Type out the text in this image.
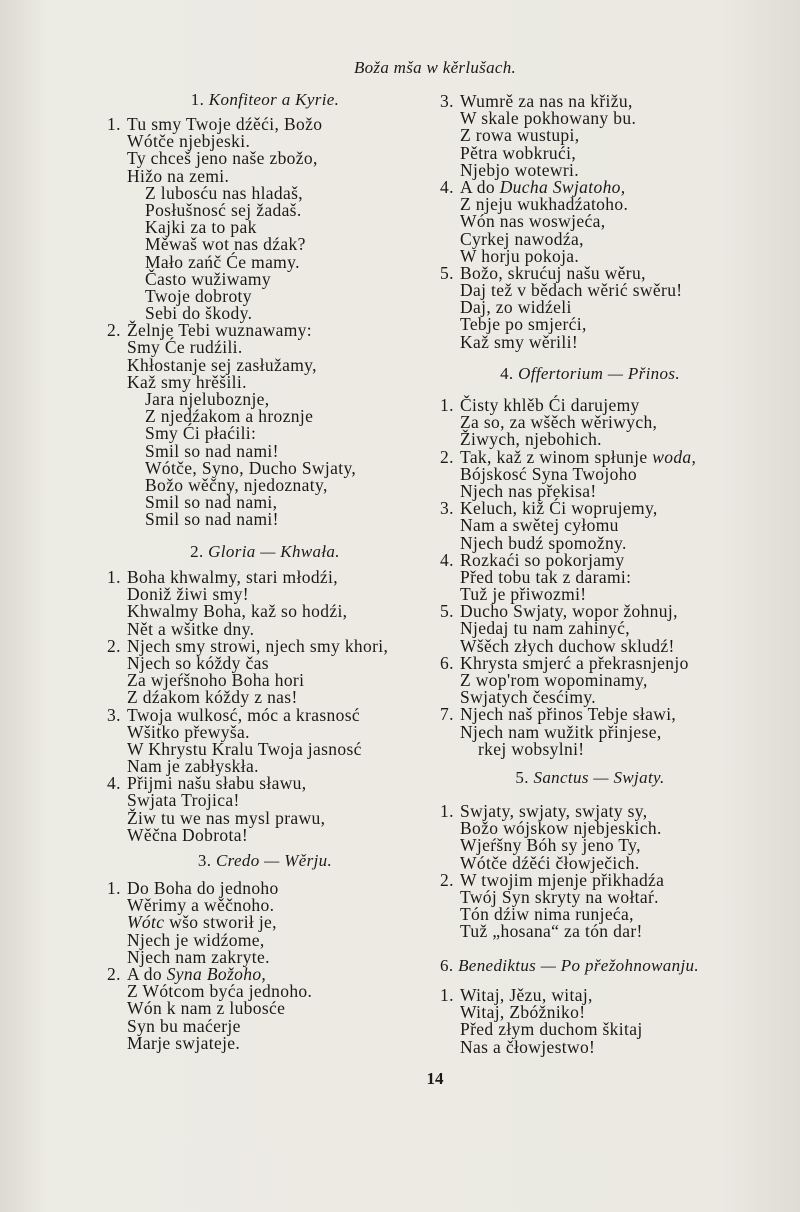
Boža mša w kěrlušach.
1. Konfiteor a Kyrie.
1. Tu smy Twoje dźěći, Božo
Wótče njebjeski.
Ty chceš jeno naše zbožo,
Hižo na zemi.
Z lubosću nas hladaš,
Posłušnosć sej žadaš.
Kajki za to pak
Měwaš wot nas dźak?
Mało zańč Će mamy.
Často wužiwamy
Twoje dobroty
Sebi do škody.
2. Želnje Tebi wuznawamy:
Smy Će rudźili.
Khłostanje sej zasłužamy,
Kaž smy hrěšili.
Jara njeluboznje,
Z njedźakom a hroznje
Smy Ći płaćili:
Smil so nad nami!
Wótče, Syno, Ducho Swjaty,
Božo wěčny, njedoznaty,
Smil so nad nami,
Smil so nad nami!
2. Gloria — Khwała.
1. Boha khwalmy, stari młodźi,
Doniž žiwi smy!
Khwalmy Boha, kaž so hodźi,
Nět a wšitke dny.
2. Njech smy strowi, njech smy khori,
Njech so kóždy čas
Za wjeŕšnoho Boha hori
Z dźakom kóždy z nas!
3. Twoja wulkosć, móc a krasnosć
Wšitko přewyša.
W Khrystu Kralu Twoja jasnosć
Nam je zabłyskła.
4. Přijmi našu słabu sławu,
Swjata Trojica!
Žiw tu we nas mysl prawu,
Wěčna Dobrota!
3. Credo — Wěrju.
1. Do Boha do jednoho
Wěrimy a wěčnoho.
Wótc wšo stworił je,
Njech je widźome,
Njech nam zakryte.
2. A do Syna Božoho,
Z Wótcom byća jednoho.
Wón k nam z lubosće
Syn bu maćerje
Marje swjateje.
3. Wumrě za nas na křižu,
W skale pokhowany bu.
Z rowa wustupi,
Pětra wobkrući,
Njebjo wotewri.
4. A do Ducha Swjatoho,
Z njeju wukhadźatoho.
Wón nas woswjeća,
Cyrkej nawodźa,
W horju pokoja.
5. Božo, skrućuj našu wěru,
Daj tež v bědach wěrić swěru!
Daj, zo widźeli
Tebje po smjerći,
Kaž smy wěrili!
4. Offertorium — Přinos.
1. Čisty khlěb Ći darujemy
Za so, za wšěch wěriwych,
Žiwych, njebohich.
2. Tak, kaž z winom spłunje woda,
Bójskosć Syna Twojoho
Njech nas překisa!
3. Keluch, kiž Ći woprujemy,
Nam a swětej cyłomu
Njech budź spomožny.
4. Rozkaći so pokorjamy
Před tobu tak z darami:
Tuž je přiwozmi!
5. Ducho Swjaty, wopor žohnuj,
Njedaj tu nam zahinyć,
Wšěch złych duchow skludź!
6. Khrysta smjerć a překrasnjenjo
Z wop'rom wopominamy,
Swjatych česćimy.
7. Njech naš přinos Tebje sławi,
Njech nam wužitk přinjese,
rkej wobsylni!
5. Sanctus — Swjaty.
1. Swjaty, swjaty, swjaty sy,
Božo wójskow njebjeskich.
Wjeŕšny Bóh sy jeno Ty,
Wótče dźěći čłowječich.
2. W twojim mjenje přikhadźa
Twój Syn skryty na wołtaŕ.
Tón dźiw nima runjeća,
Tuž „hosana“ za tón dar!
6. Benediktus — Po přežohnowanju.
1. Witaj, Jězu, witaj,
Witaj, Zbóžniko!
Před złym duchom škitaj
Nas a čłowjestwo!
14
